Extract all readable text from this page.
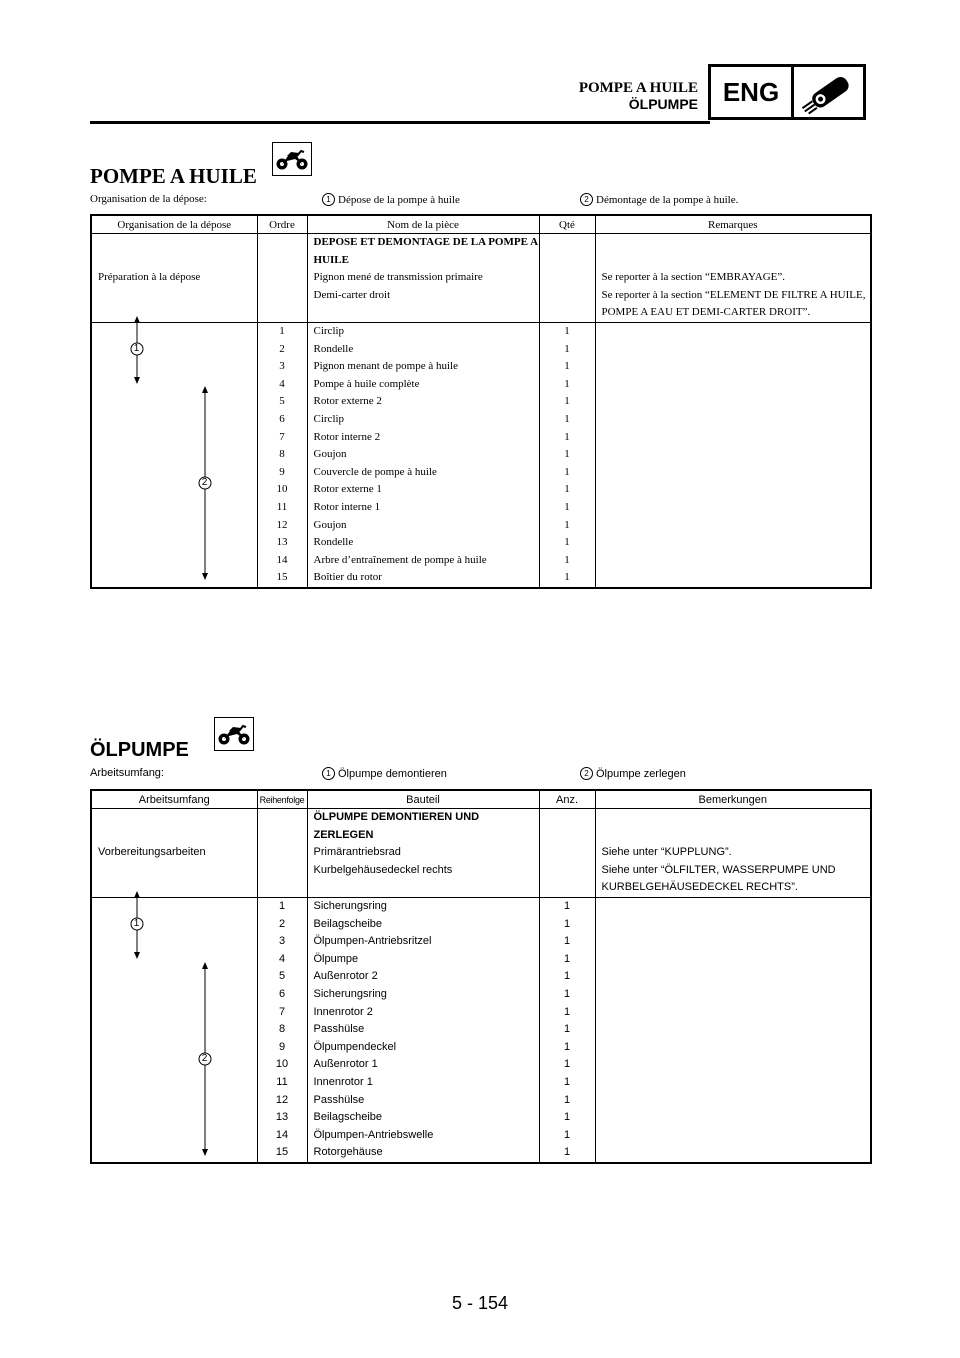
POMPE A HUILE
ÖLPUMPE ENG
POMPE A HUILE
Organisation de la dépose:	1 Dépose de la pompe à huile	2 Démontage de la pompe à huile.
Organisation de la dépose	Ordre	Nom de la pièce	Qté	Remarques
		DEPOSE ET DEMONTAGE DE LA POMPE A HUILE		
Préparation à la dépose		Pignon mené de transmission primaire		Se reporter à la section “EMBRAYAGE”.
		Demi-carter droit		Se reporter à la section “ELEMENT DE FILTRE A HUILE, POMPE A EAU ET DEMI-CARTER DROIT”.
	1	Circlip	1	
	2	Rondelle	1	
	3	Pignon menant de pompe à huile	1	
	4	Pompe à huile complète	1	
	5	Rotor externe 2	1	
	6	Circlip	1	
	7	Rotor interne 2	1	
	8	Goujon	1	
	9	Couvercle de pompe à huile	1	
	10	Rotor externe 1	1	
	11	Rotor interne 1	1	
	12	Goujon	1	
	13	Rondelle	1	
	14	Arbre d’entraînement de pompe à huile	1	
	15	Boîtier du rotor	1	
1
2
ÖLPUMPE
Arbeitsumfang:	1 Ölpumpe demontieren	2 Ölpumpe zerlegen
Arbeitsumfang	Reihenfolge	Bauteil	Anz.	Bemerkungen
		ÖLPUMPE DEMONTIEREN UND ZERLEGEN		
Vorbereitungsarbeiten		Primärantriebsrad		Siehe unter “KUPPLUNG”.
		Kurbelgehäusedeckel rechts		Siehe unter “ÖLFILTER, WASSERPUMPE UND KURBELGEHÄUSEDECKEL RECHTS”.
	1	Sicherungsring	1	
	2	Beilagscheibe	1	
	3	Ölpumpen-Antriebsritzel	1	
	4	Ölpumpe	1	
	5	Außenrotor 2	1	
	6	Sicherungsring	1	
	7	Innenrotor 2	1	
	8	Passhülse	1	
	9	Ölpumpendeckel	1	
	10	Außenrotor 1	1	
	11	Innenrotor 1	1	
	12	Passhülse	1	
	13	Beilagscheibe	1	
	14	Ölpumpen-Antriebswelle	1	
	15	Rotorgehäuse	1	
1
2
5 - 154
